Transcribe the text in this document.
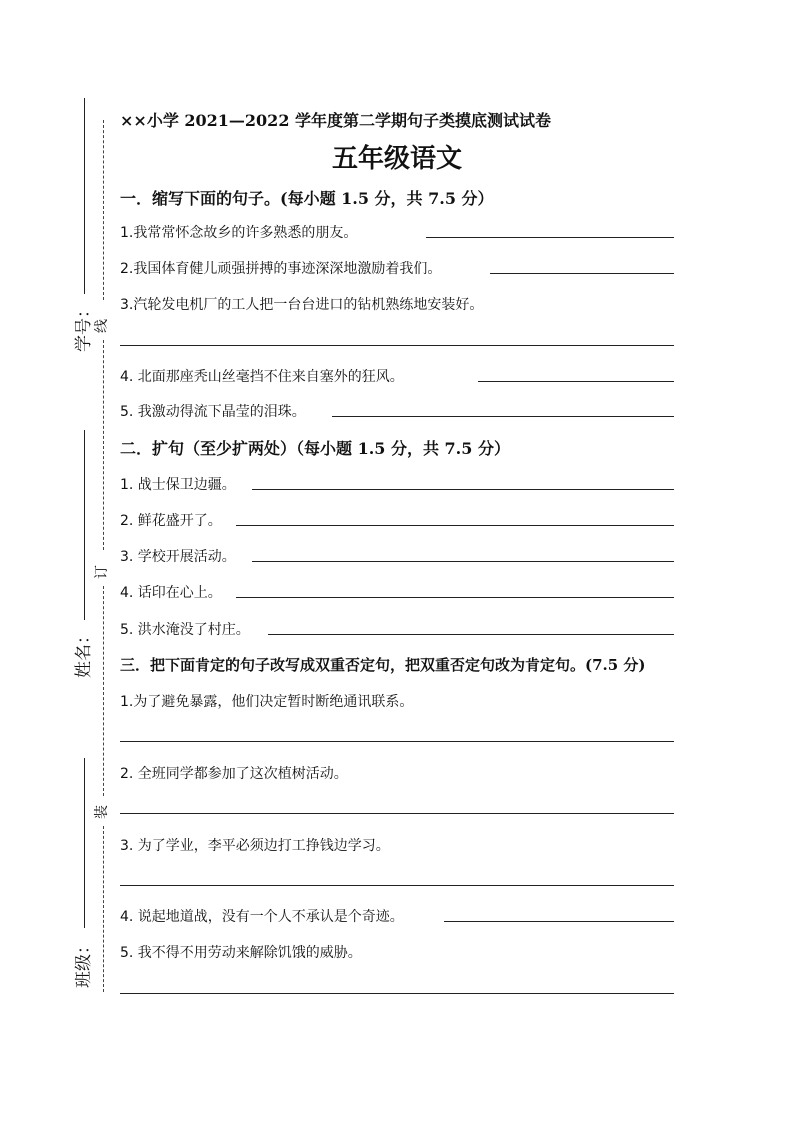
学号：
姓名：
班级：
线
订
装
××小学 2021—2022 学年度第二学期句子类摸底测试试卷
五年级语文
一．缩写下面的句子。(每小题 1.5 分，共 7.5 分）
1.我常常怀念故乡的许多熟悉的朋友。
2.我国体育健儿顽强拼搏的事迹深深地激励着我们。
3.汽轮发电机厂的工人把一台台进口的钻机熟练地安装好。
4. 北面那座秃山丝毫挡不住来自塞外的狂风。
5. 我激动得流下晶莹的泪珠。
二．扩句（至少扩两处）（每小题 1.5 分，共 7.5 分）
1. 战士保卫边疆。
2. 鲜花盛开了。
3. 学校开展活动。
4. 话印在心上。
5. 洪水淹没了村庄。
三．把下面肯定的句子改写成双重否定句，把双重否定句改为肯定句。(7.5 分)
1.为了避免暴露，他们决定暂时断绝通讯联系。
2. 全班同学都参加了这次植树活动。
3. 为了学业，李平必须边打工挣钱边学习。
4. 说起地道战，没有一个人不承认是个奇迹。
5. 我不得不用劳动来解除饥饿的威胁。
